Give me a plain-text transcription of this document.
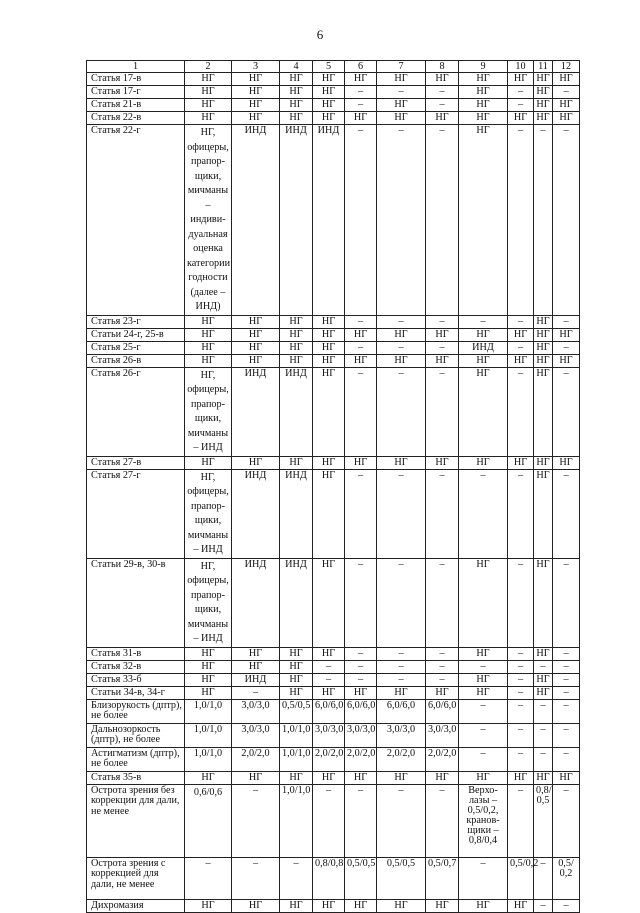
6
1	2	3	4	5	6	7	8	9	10	11	12
Статья 17-в	НГ	НГ	НГ	НГ	НГ	НГ	НГ	НГ	НГ	НГ	НГ
Статья 17-г	НГ	НГ	НГ	НГ	–	–	–	НГ	–	НГ	–
Статья 21-в	НГ	НГ	НГ	НГ	–	НГ	–	НГ	–	НГ	НГ
Статья 22-в	НГ	НГ	НГ	НГ	НГ	НГ	НГ	НГ	НГ	НГ	НГ
Статья 22-г	НГ, офицеры, прапор-щики, мичманы – индиви-дуальная оценка категории годности (далее – ИНД)	ИНД	ИНД	ИНД	–	–	–	НГ	–	–	–
Статья 23-г	НГ	НГ	НГ	НГ	–	–	–	–	–	НГ	–
Статьи 24-г, 25-в	НГ	НГ	НГ	НГ	НГ	НГ	НГ	НГ	НГ	НГ	НГ
Статья 25-г	НГ	НГ	НГ	НГ	–	–	–	ИНД	–	НГ	–
Статья 26-в	НГ	НГ	НГ	НГ	НГ	НГ	НГ	НГ	НГ	НГ	НГ
Статья 26-г	НГ, офицеры, прапор-щики, мичманы – ИНД	ИНД	ИНД	НГ	–	–	–	НГ	–	НГ	–
Статья 27-в	НГ	НГ	НГ	НГ	НГ	НГ	НГ	НГ	НГ	НГ	НГ
Статья 27-г	НГ, офицеры, прапор-щики, мичманы – ИНД	ИНД	ИНД	НГ	–	–	–	–	–	НГ	–
Статьи 29-в, 30-в	НГ, офицеры, прапор-щики, мичманы – ИНД	ИНД	ИНД	НГ	–	–	–	НГ	–	НГ	–
Статья 31-в	НГ	НГ	НГ	НГ	–	–	–	НГ	–	НГ	–
Статья 32-в	НГ	НГ	НГ	–	–	–	–	–	–	–	–
Статья 33-б	НГ	ИНД	НГ	–	–	–	–	НГ	–	НГ	–
Статьи 34-в, 34-г	НГ	–	НГ	НГ	НГ	НГ	НГ	НГ	–	НГ	–
Близорукость (дптр), не более	1,0/1,0	3,0/3,0	0,5/0,5	6,0/6,0	6,0/6,0	6,0/6,0	6,0/6,0	–	–	–	–
Дальнозоркость (дптр), не более	1,0/1,0	3,0/3,0	1,0/1,0	3,0/3,0	3,0/3,0	3,0/3,0	3,0/3,0	–	–	–	–
Астигматизм (дптр), не более	1,0/1,0	2,0/2,0	1,0/1,0	2,0/2,0	2,0/2,0	2,0/2,0	2,0/2,0	–	–	–	–
Статья 35-в	НГ	НГ	НГ	НГ	НГ	НГ	НГ	НГ	НГ	НГ	НГ
Острота зрения без коррекции для дали, не менее	0,6/0,6	–	1,0/1,0	–	–	–	–	Верхо-лазы – 0,5/0,2, кранов-щики – 0,8/0,4	–	0,8/ 0,5	–
Острота зрения с коррекцией для дали, не менее	–	–	–	0,8/0,8	0,5/0,5	0,5/0,5	0,5/0,7	–	0,5/0,2	–	0,5/ 0,2
Дихромазия	НГ	НГ	НГ	НГ	НГ	НГ	НГ	НГ	НГ	–	–
